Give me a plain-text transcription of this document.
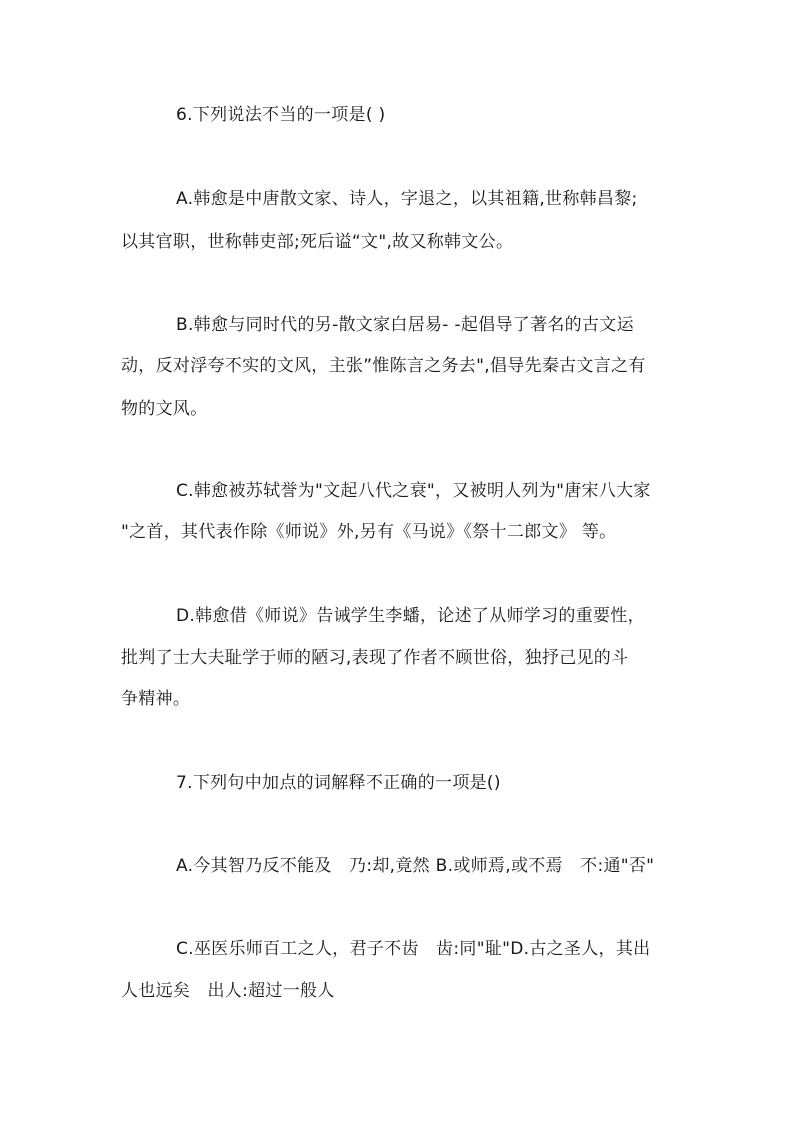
6.下列说法不当的一项是( )
A.韩愈是中唐散文家、诗人，字退之，以其祖籍,世称韩昌黎;
以其官职，世称韩吏部;死后谥“文",故又称韩文公。
B.韩愈与同时代的另-散文家白居易- -起倡导了著名的古文运
动，反对浮夸不实的文风，主张”惟陈言之务去",倡导先秦古文言之有
物的文风。
C.韩愈被苏轼誉为"文起八代之衰"，又被明人列为"唐宋八大家
"之首，其代表作除《师说》外,另有《马说》《祭十二郎文》 等。
D.韩愈借《师说》告诫学生李蟠，论述了从师学习的重要性，
批判了士大夫耻学于师的陋习,表现了作者不顾世俗，独抒己见的斗
争精神。
7.下列句中加点的词解释不正确的一项是()
A.今其智乃反不能及　乃:却,竟然 B.或师焉,或不焉　不:通"否"
C.巫医乐师百工之人，君子不齿　齿:同"耻"D.古之圣人，其出
人也远矣　出人:超过一般人
